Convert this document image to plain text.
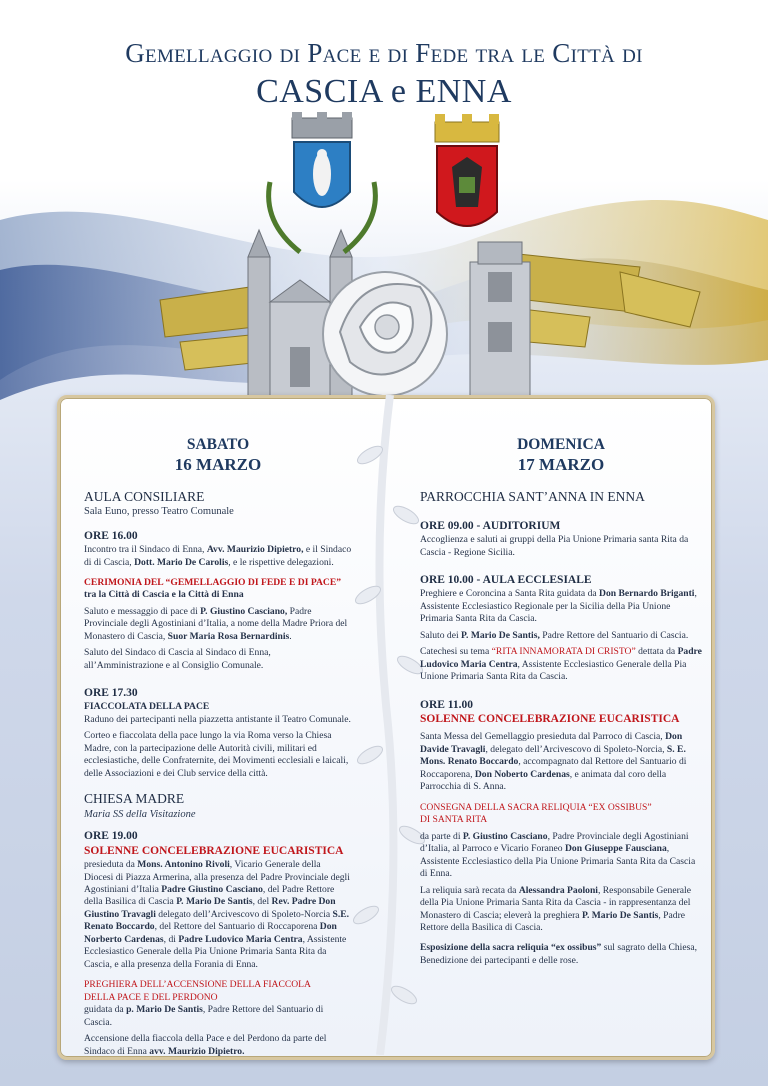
Gemellaggio di Pace e di Fede tra le Città di
CASCIA e ENNA
SABATO
16 MARZO
AULA CONSILIARE
Sala Euno, presso Teatro Comunale
ORE 16.00
Incontro tra il Sindaco di Enna, Avv. Maurizio Dipietro, e il Sindaco di di Cascia, Dott. Mario De Carolis, e le rispettive delegazioni.
CERIMONIA DEL “GEMELLAGGIO DI FEDE E DI PACE”
tra la Città di Cascia e la Città di Enna
Saluto e messaggio di pace di P. Giustino Casciano, Padre Provinciale degli Agostiniani d’Italia, a nome della Madre Priora del Monastero di Cascia, Suor Maria Rosa Bernardinis.
Saluto del Sindaco di Cascia al Sindaco di Enna, all’Amministrazione e al Consiglio Comunale.
ORE 17.30
FIACCOLATA DELLA PACE
Raduno dei partecipanti nella piazzetta antistante il Teatro Comunale.
Corteo e fiaccolata della pace lungo la via Roma verso la Chiesa Madre, con la partecipazione delle Autorità civili, militari ed ecclesiastiche, delle Confraternite, dei Movimenti ecclesiali e laicali, delle Associazioni e dei Club service della città.
CHIESA MADRE
Maria SS della Visitazione
ORE 19.00
SOLENNE CONCELEBRAZIONE EUCARISTICA
presieduta da Mons. Antonino Rivoli, Vicario Generale della Diocesi di Piazza Armerina, alla presenza del Padre Provinciale degli Agostiniani d’Italia Padre Giustino Casciano, del Padre Rettore della Basilica di Cascia P. Mario De Santis, del Rev. Padre Don Giustino Travagli delegato dell’Arcivescovo di Spoleto-Norcia S.E. Renato Boccardo, del Rettore del Santuario di Roccaporena Don Norberto Cardenas, di Padre Ludovico Maria Centra, Assistente Ecclesiastico Generale della Pia Unione Primaria Santa Rita da Cascia, e alla presenza della Forania di Enna.
PREGHIERA DELL’ACCENSIONE DELLA FIACCOLA
DELLA PACE E DEL PERDONO
guidata da p. Mario De Santis, Padre Rettore del Santuario di Cascia.
Accensione della fiaccola della Pace e del Perdono da parte del Sindaco di Enna avv. Maurizio Dipietro.
DOMENICA
17 MARZO
PARROCCHIA SANT’ANNA IN ENNA
ORE 09.00 - AUDITORIUM
Accoglienza e saluti ai gruppi della Pia Unione Primaria santa Rita da Cascia - Regione Sicilia.
ORE 10.00 - AULA ECCLESIALE
Preghiere e Coroncina a Santa Rita guidata da Don Bernardo Briganti, Assistente Ecclesiastico Regionale per la Sicilia della Pia Unione Primaria Santa Rita da Cascia.
Saluto dei P. Mario De Santis, Padre Rettore del Santuario di Cascia.
Catechesi su tema “RITA INNAMORATA DI CRISTO” dettata da Padre Ludovico Maria Centra, Assistente Ecclesiastico Generale della Pia Unione Primaria Santa Rita da Cascia.
ORE 11.00
SOLENNE CONCELEBRAZIONE EUCARISTICA
Santa Messa del Gemellaggio presieduta dal Parroco di Cascia, Don Davide Travagli, delegato dell’Arcivescovo di Spoleto-Norcia, S. E. Mons. Renato Boccardo, accompagnato dal Rettore del Santuario di Roccaporena, Don Noberto Cardenas, e animata dal coro della Parrocchia di S. Anna.
CONSEGNA DELLA SACRA RELIQUIA “EX OSSIBUS”
DI SANTA RITA
da parte di P. Giustino Casciano, Padre Provinciale degli Agostiniani d’Italia, al Parroco e Vicario Foraneo Don Giuseppe Fausciana, Assistente Ecclesiastico della Pia Unione Primaria Santa Rita da Cascia di Enna.
La reliquia sarà recata da Alessandra Paoloni, Responsabile Generale della Pia Unione Primaria Santa Rita da Cascia - in rappresentanza del Monastero di Cascia; eleverà la preghiera P. Mario De Santis, Padre Rettore della Basilica di Cascia.
Esposizione della sacra reliquia “ex ossibus” sul sagrato della Chiesa, Benedizione dei partecipanti e delle rose.
